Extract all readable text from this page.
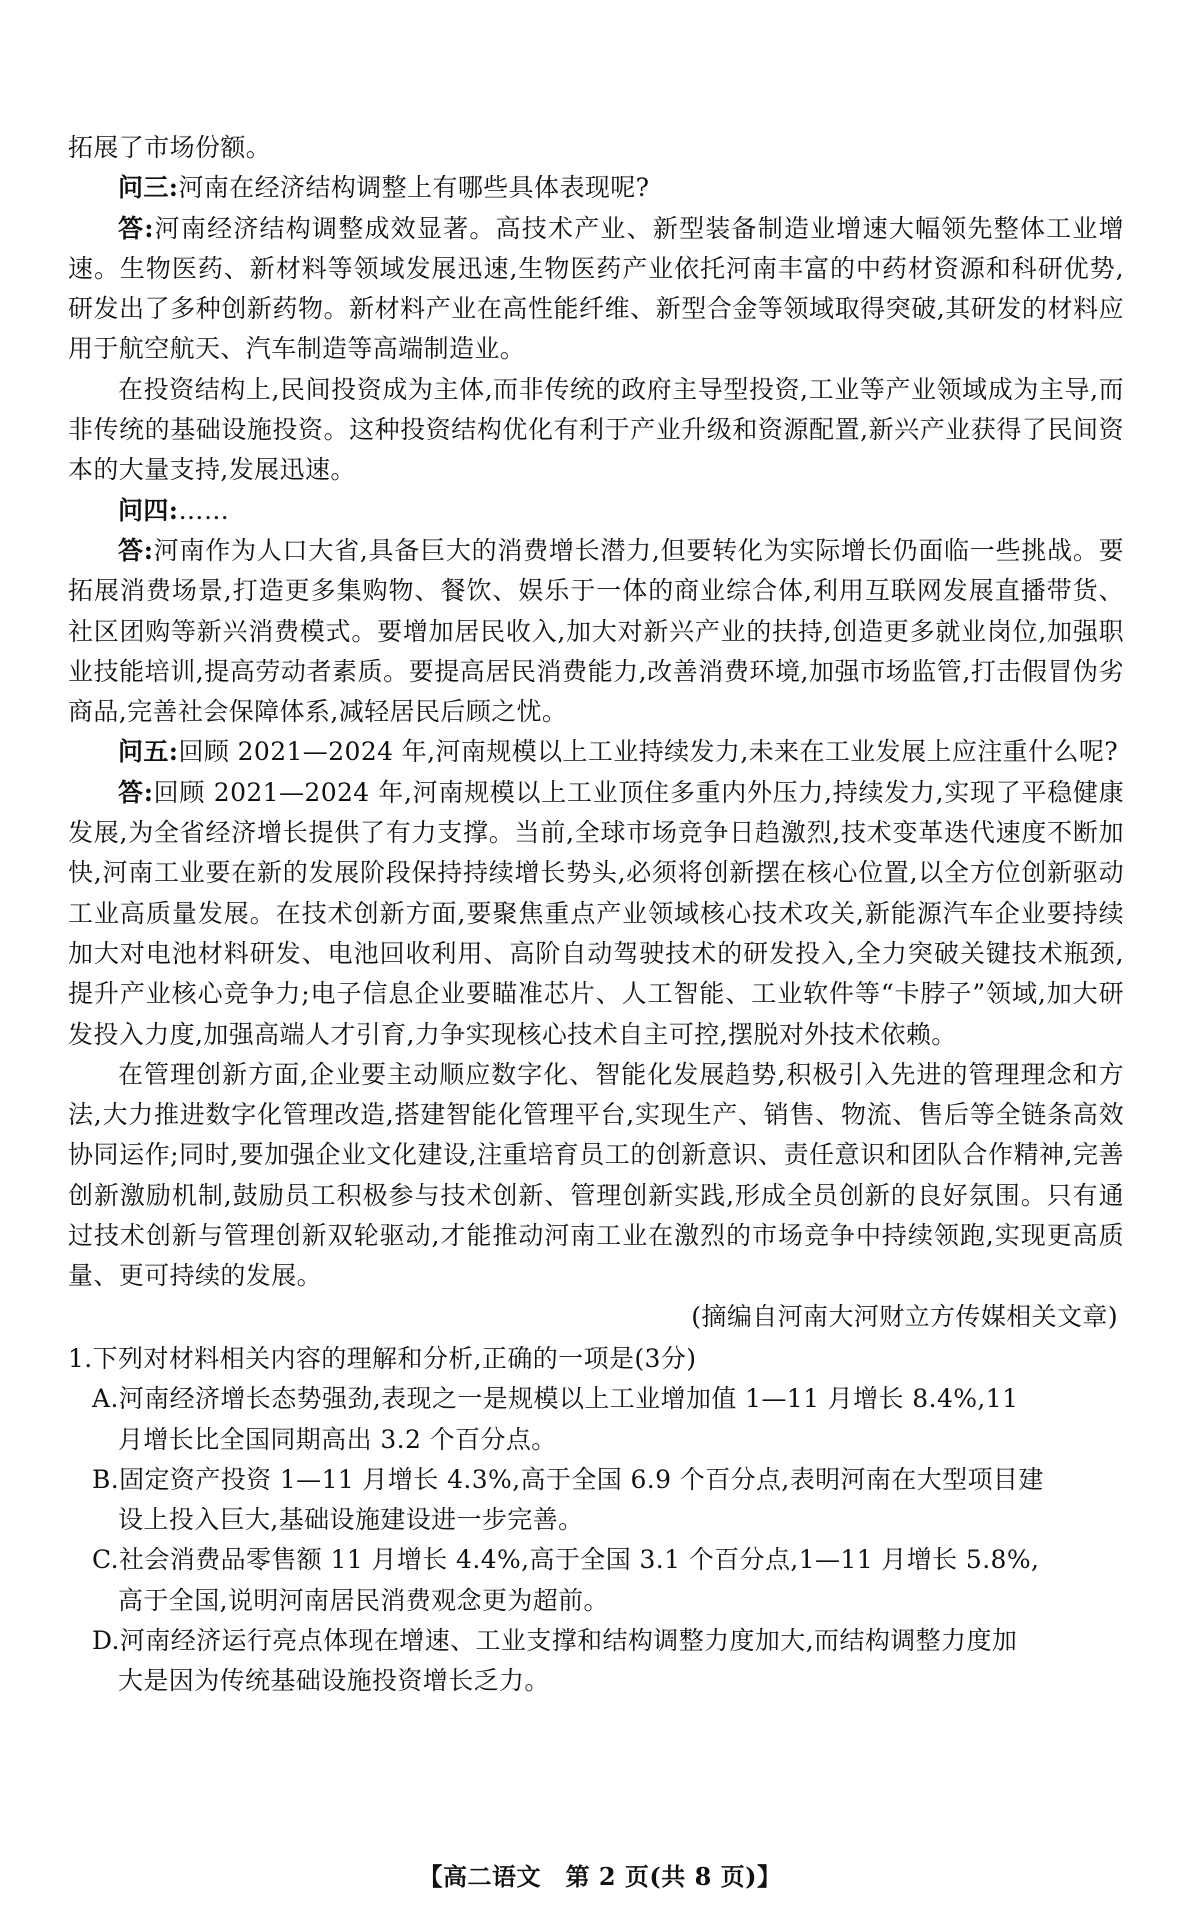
拓展了市场份额。

问三:河南在经济结构调整上有哪些具体表现呢?

答:河南经济结构调整成效显著。高技术产业、新型装备制造业增速大幅领先整体工业增速。生物医药、新材料等领域发展迅速,生物医药产业依托河南丰富的中药材资源和科研优势,研发出了多种创新药物。新材料产业在高性能纤维、新型合金等领域取得突破,其研发的材料应用于航空航天、汽车制造等高端制造业。

在投资结构上,民间投资成为主体,而非传统的政府主导型投资,工业等产业领域成为主导,而非传统的基础设施投资。这种投资结构优化有利于产业升级和资源配置,新兴产业获得了民间资本的大量支持,发展迅速。

问四:……

答:河南作为人口大省,具备巨大的消费增长潜力,但要转化为实际增长仍面临一些挑战。要拓展消费场景,打造更多集购物、餐饮、娱乐于一体的商业综合体,利用互联网发展直播带货、社区团购等新兴消费模式。要增加居民收入,加大对新兴产业的扶持,创造更多就业岗位,加强职业技能培训,提高劳动者素质。要提高居民消费能力,改善消费环境,加强市场监管,打击假冒伪劣商品,完善社会保障体系,减轻居民后顾之忧。

问五:回顾 2021—2024 年,河南规模以上工业持续发力,未来在工业发展上应注重什么呢?

答:回顾 2021—2024 年,河南规模以上工业顶住多重内外压力,持续发力,实现了平稳健康发展,为全省经济增长提供了有力支撑。当前,全球市场竞争日趋激烈,技术变革迭代速度不断加快,河南工业要在新的发展阶段保持持续增长势头,必须将创新摆在核心位置,以全方位创新驱动工业高质量发展。在技术创新方面,要聚焦重点产业领域核心技术攻关,新能源汽车企业要持续加大对电池材料研发、电池回收利用、高阶自动驾驶技术的研发投入,全力突破关键技术瓶颈,提升产业核心竞争力;电子信息企业要瞄准芯片、人工智能、工业软件等“卡脖子”领域,加大研发投入力度,加强高端人才引育,力争实现核心技术自主可控,摆脱对外技术依赖。

在管理创新方面,企业要主动顺应数字化、智能化发展趋势,积极引入先进的管理理念和方法,大力推进数字化管理改造,搭建智能化管理平台,实现生产、销售、物流、售后等全链条高效协同运作;同时,要加强企业文化建设,注重培育员工的创新意识、责任意识和团队合作精神,完善创新激励机制,鼓励员工积极参与技术创新、管理创新实践,形成全员创新的良好氛围。只有通过技术创新与管理创新双轮驱动,才能推动河南工业在激烈的市场竞争中持续领跑,实现更高质量、更可持续的发展。

(摘编自河南大河财立方传媒相关文章)

1.下列对材料相关内容的理解和分析,正确的一项是(3分)

A.河南经济增长态势强劲,表现之一是规模以上工业增加值 1—11 月增长 8.4%,11
月增长比全国同期高出 3.2 个百分点。

B.固定资产投资 1—11 月增长 4.3%,高于全国 6.9 个百分点,表明河南在大型项目建
设上投入巨大,基础设施建设进一步完善。

C.社会消费品零售额 11 月增长 4.4%,高于全国 3.1 个百分点,1—11 月增长 5.8%,
高于全国,说明河南居民消费观念更为超前。

D.河南经济运行亮点体现在增速、工业支撑和结构调整力度加大,而结构调整力度加
大是因为传统基础设施投资增长乏力。

【高二语文　第 2 页(共 8 页)】
